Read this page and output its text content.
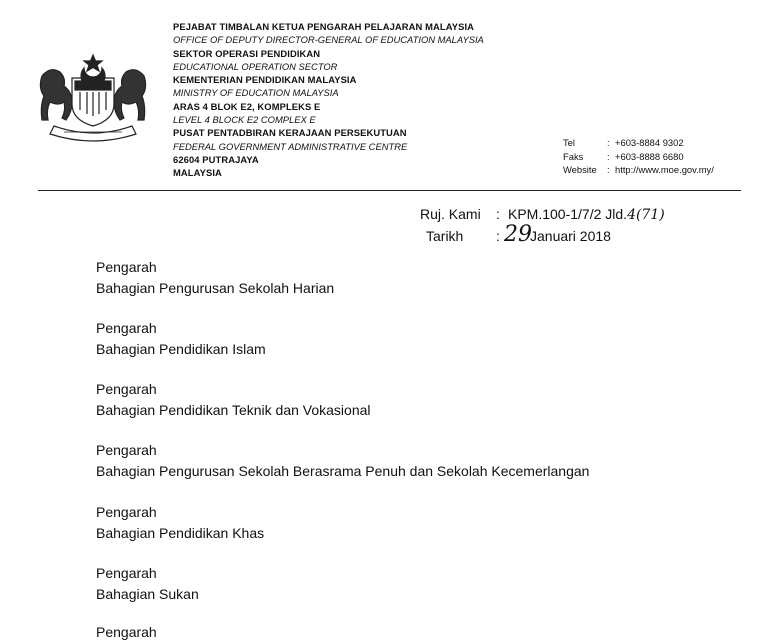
PEJABAT TIMBALAN KETUA PENGARAH PELAJARAN MALAYSIA
OFFICE OF DEPUTY DIRECTOR-GENERAL OF EDUCATION MALAYSIA
SEKTOR OPERASI PENDIDIKAN
EDUCATIONAL OPERATION SECTOR
KEMENTERIAN PENDIDIKAN MALAYSIA
MINISTRY OF EDUCATION MALAYSIA
ARAS 4 BLOK E2, KOMPLEKS E
LEVEL 4 BLOCK E2 COMPLEX E
PUSAT PENTADBIRAN KERAJAAN PERSEKUTUAN
FEDERAL GOVERNMENT ADMINISTRATIVE CENTRE
62604 PUTRAJAYA
MALAYSIA
Tel	: +603-8884 9302
Faks	: +603-8888 6680
Website	: http://www.moe.gov.my/
Ruj. Kami	: KPM.100-1/7/2 Jld. 4(71)
Tarikh	: 29
Januari 2018
Pengarah
Bahagian Pengurusan Sekolah Harian
Pengarah
Bahagian Pendidikan Islam
Pengarah
Bahagian Pendidikan Teknik dan Vokasional
Pengarah
Bahagian Pengurusan Sekolah Berasrama Penuh dan Sekolah Kecemerlangan
Pengarah
Bahagian Pendidikan Khas
Pengarah
Bahagian Sukan
Pengarah
